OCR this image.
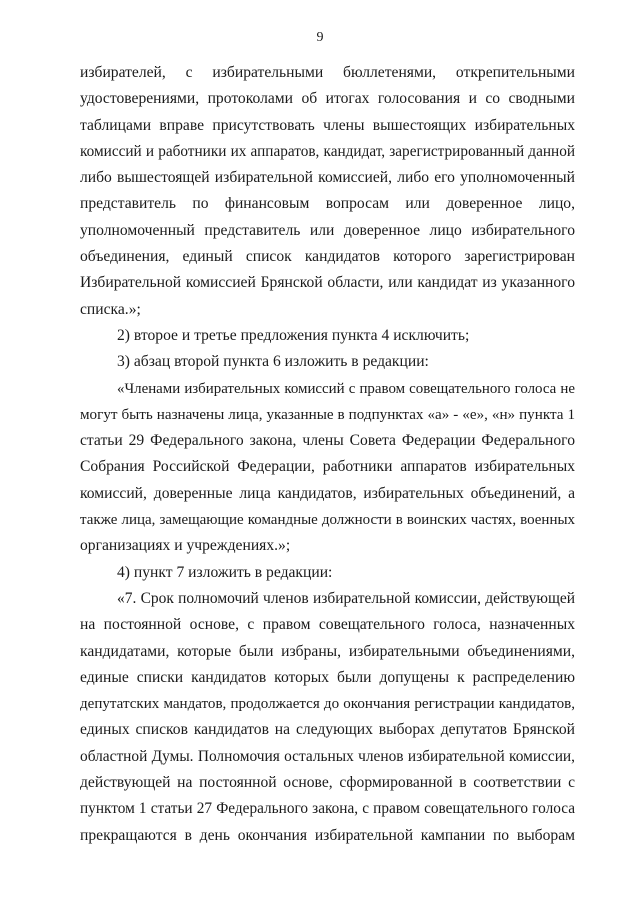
9
избирателей, с избирательными бюллетенями, открепительными
удостоверениями, протоколами об итогах голосования и со сводными
таблицами вправе присутствовать члены вышестоящих избирательных
комиссий и работники их аппаратов, кандидат, зарегистрированный данной
либо вышестоящей избирательной комиссией, либо его уполномоченный
представитель по финансовым вопросам или доверенное лицо,
уполномоченный представитель или доверенное лицо избирательного
объединения, единый список кандидатов которого зарегистрирован
Избирательной комиссией Брянской области, или кандидат из указанного
списка.»;
2) второе и третье предложения пункта 4 исключить;
3) абзац второй пункта 6 изложить в редакции:
«Членами избирательных комиссий с правом совещательного голоса не
могут быть назначены лица, указанные в подпунктах «а» - «е», «н» пункта 1
статьи 29 Федерального закона, члены Совета Федерации Федерального
Собрания Российской Федерации, работники аппаратов избирательных
комиссий, доверенные лица кандидатов, избирательных объединений, а
также лица, замещающие командные должности в воинских частях, военных
организациях и учреждениях.»;
4) пункт 7 изложить в редакции:
«7. Срок полномочий членов избирательной комиссии, действующей
на постоянной основе, с правом совещательного голоса, назначенных
кандидатами, которые были избраны, избирательными объединениями,
единые списки кандидатов которых были допущены к распределению
депутатских мандатов, продолжается до окончания регистрации кандидатов,
единых списков кандидатов на следующих выборах депутатов Брянской
областной Думы. Полномочия остальных членов избирательной комиссии,
действующей на постоянной основе, сформированной в соответствии с
пунктом 1 статьи 27 Федерального закона, с правом совещательного голоса
прекращаются в день окончания избирательной кампании по выборам
